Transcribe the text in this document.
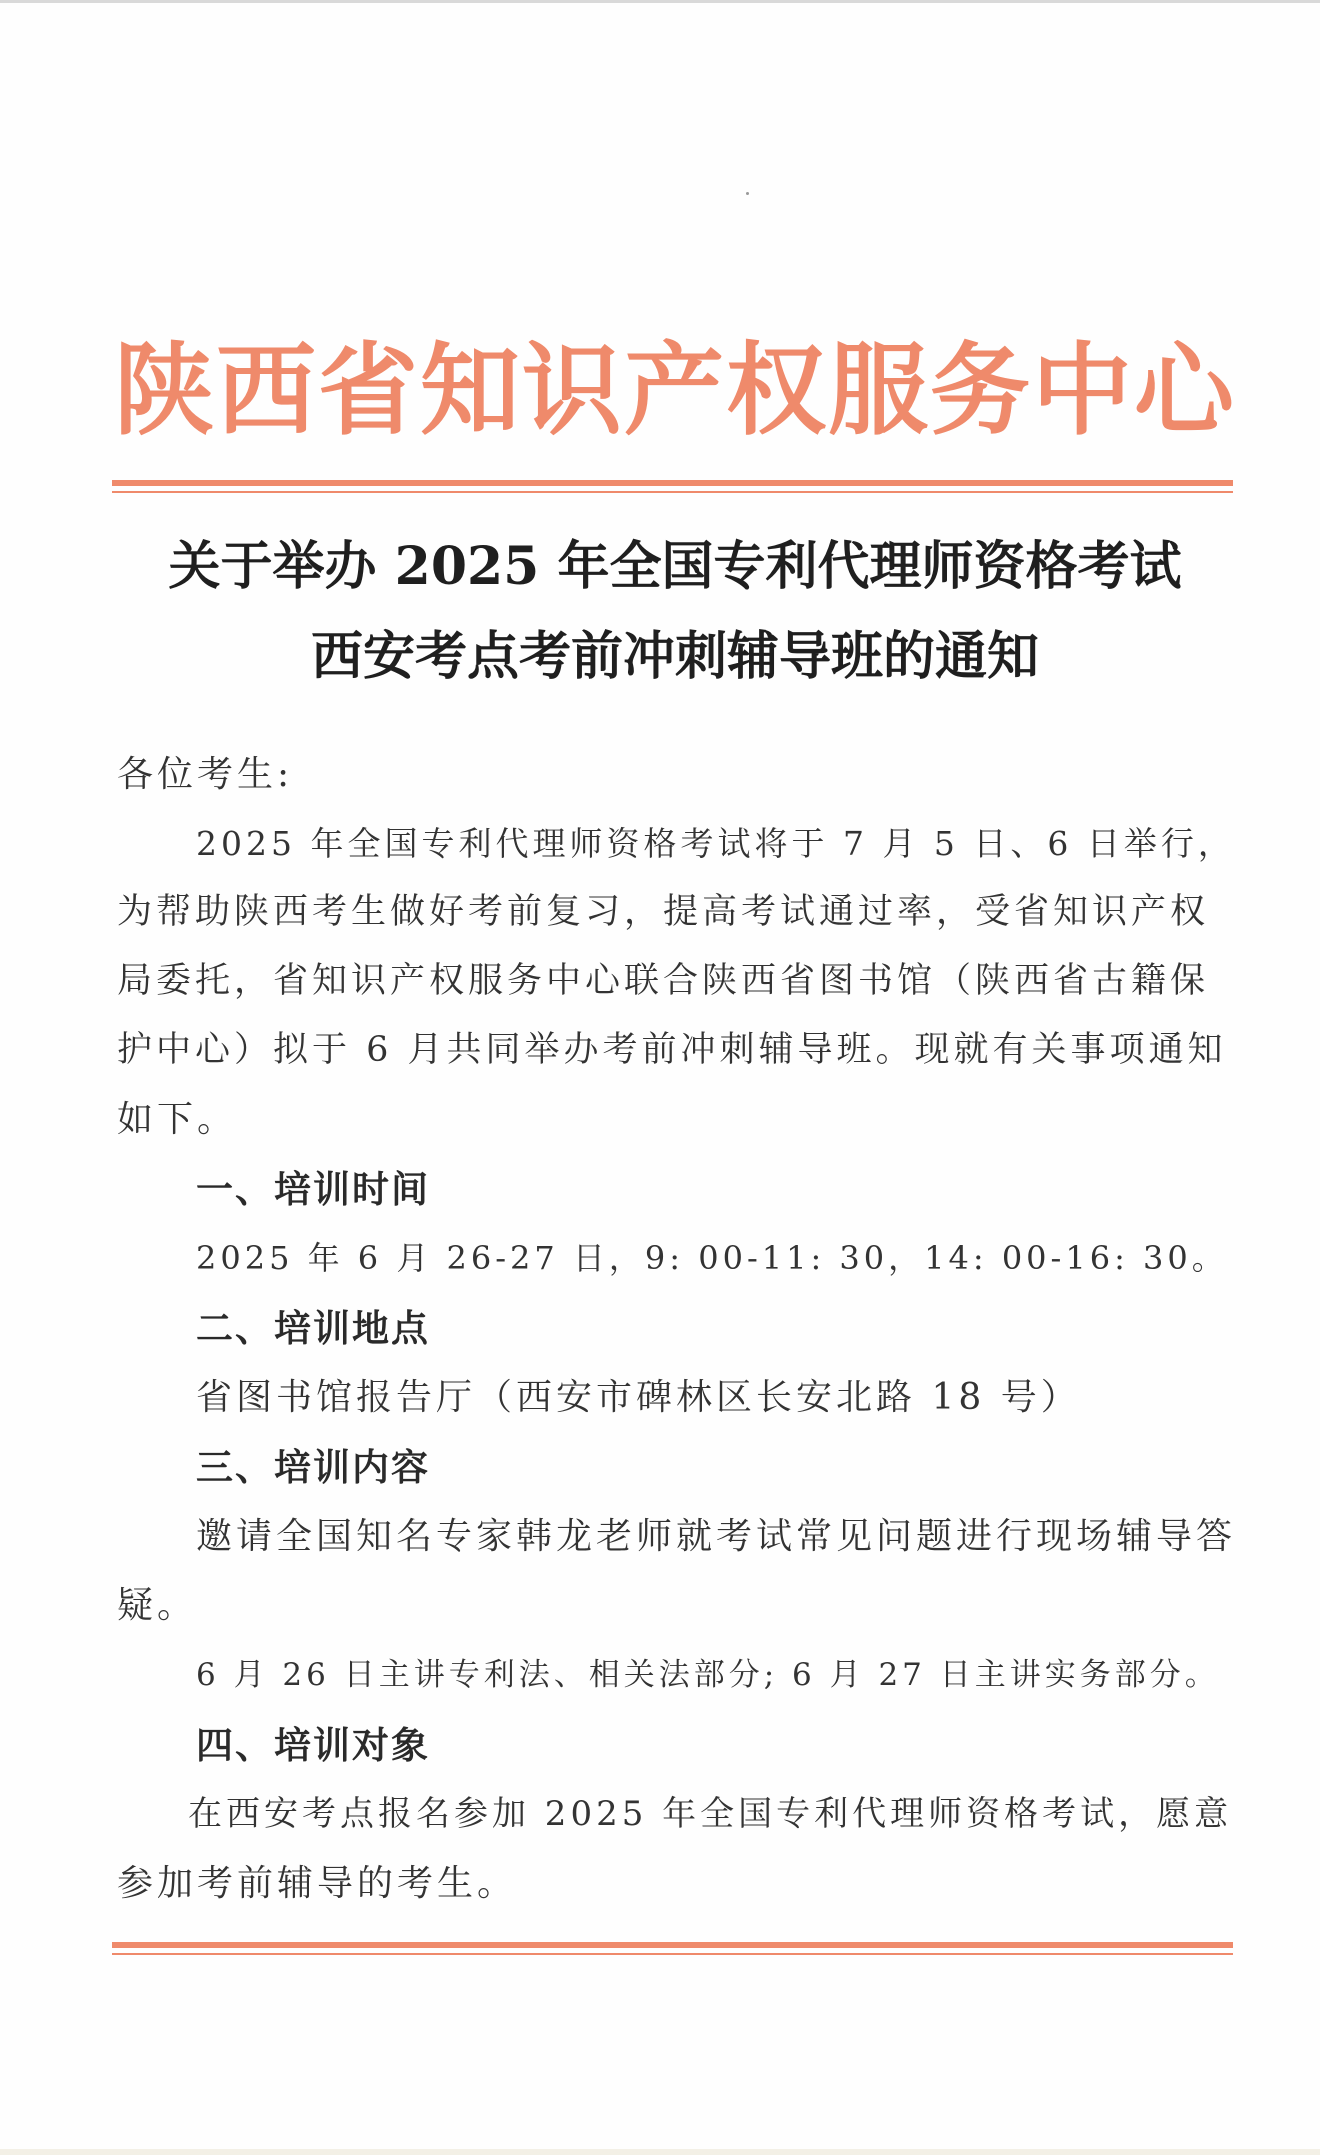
陕西省知识产权服务中心
关于举办 2025 年全国专利代理师资格考试
西安考点考前冲刺辅导班的通知
各位考生:
2025 年全国专利代理师资格考试将于 7 月 5 日、6 日举行，
为帮助陕西考生做好考前复习，提高考试通过率，受省知识产权
局委托，省知识产权服务中心联合陕西省图书馆（陕西省古籍保
护中心）拟于 6 月共同举办考前冲刺辅导班。现就有关事项通知
如下。
一、培训时间
2025 年 6 月 26-27 日，9: 00-11: 30，14: 00-16: 30。
二、培训地点
省图书馆报告厅（西安市碑林区长安北路 18 号）
三、培训内容
邀请全国知名专家韩龙老师就考试常见问题进行现场辅导答
疑。
6 月 26 日主讲专利法、相关法部分; 6 月 27 日主讲实务部分。
四、培训对象
在西安考点报名参加 2025 年全国专利代理师资格考试，愿意
参加考前辅导的考生。
